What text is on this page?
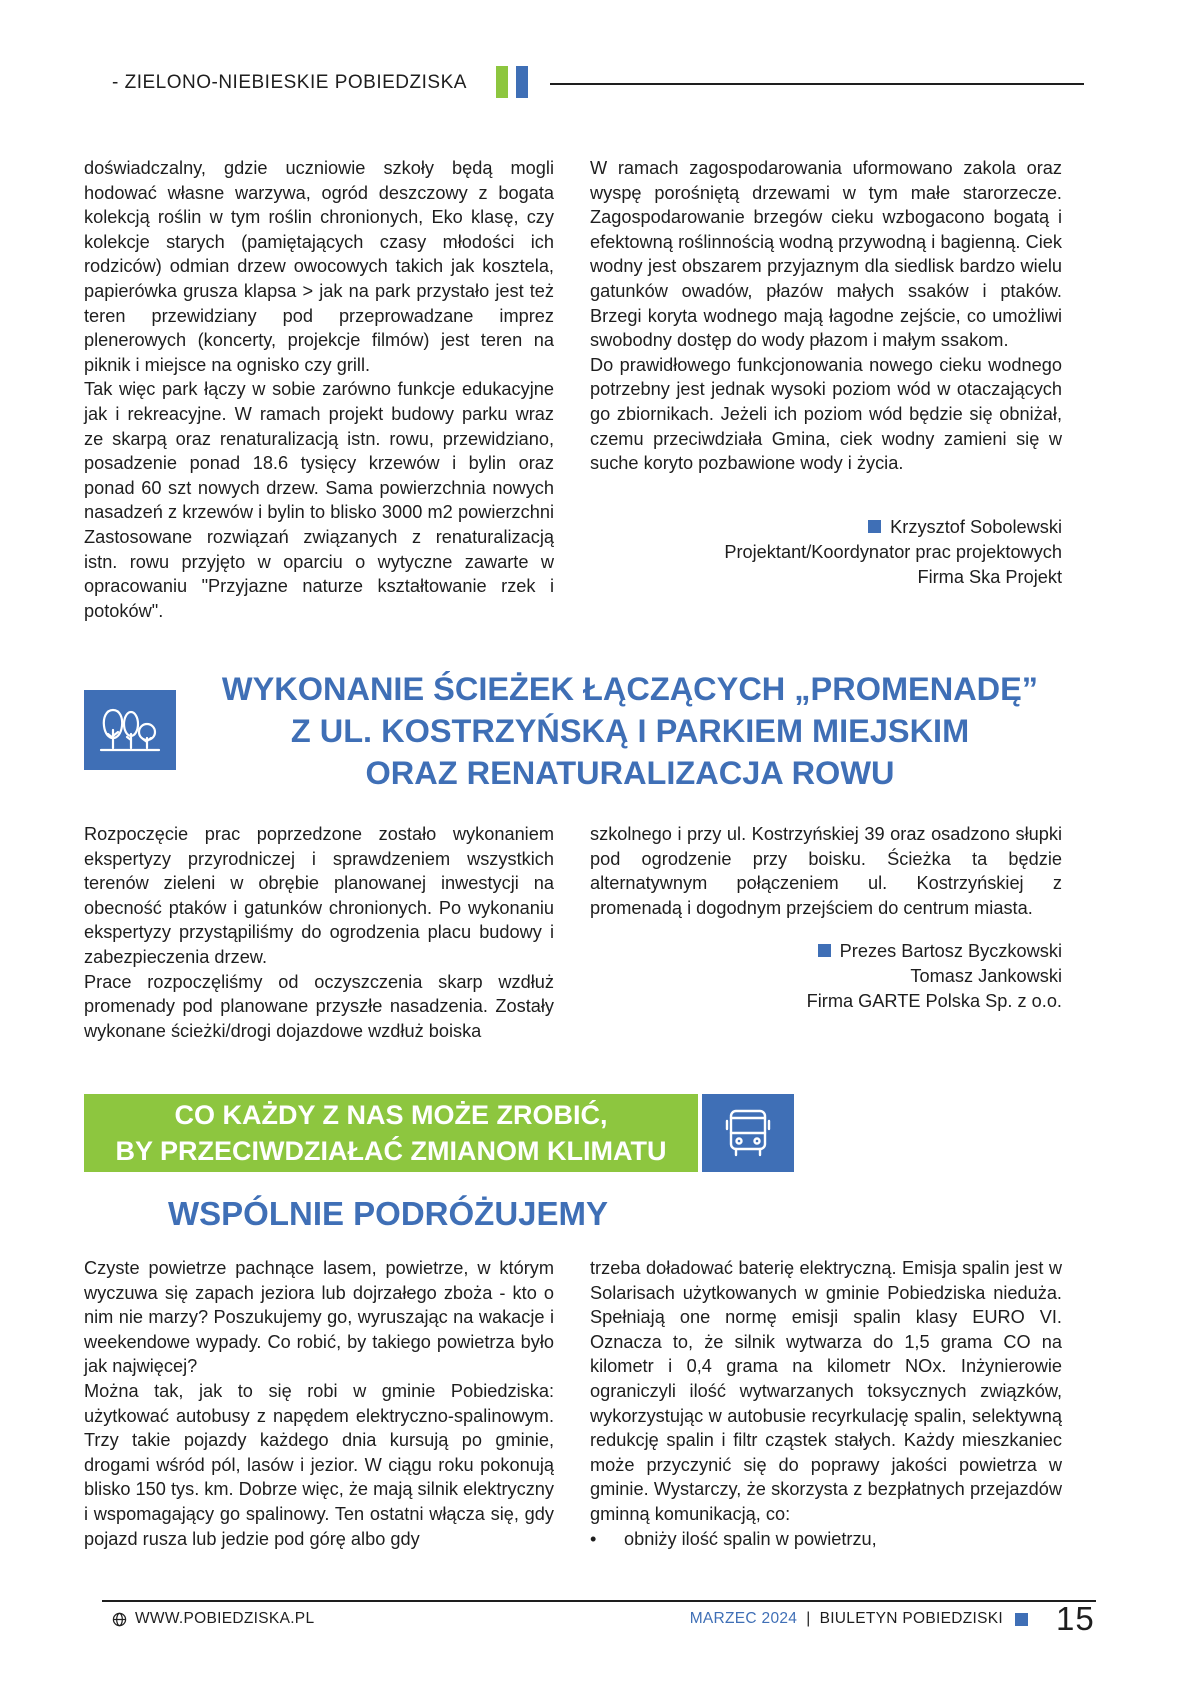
- ZIELONO-NIEBIESKIE POBIEDZISKA

doświadczalny, gdzie uczniowie szkoły będą mogli hodować własne warzywa, ogród deszczowy z bogata kolekcją roślin w tym roślin chronionych, Eko klasę, czy kolekcje starych (pamiętających czasy młodości ich rodziców) odmian drzew owocowych takich jak kosztela, papierówka grusza klapsa > jak na park przystało jest też teren przewidziany pod przeprowadzane imprez plenerowych (koncerty, projekcje filmów) jest teren na piknik i miejsce na ognisko czy grill.

Tak więc park łączy w sobie zarówno funkcje edukacyjne jak i rekreacyjne. W ramach projekt budowy parku wraz ze skarpą oraz renaturalizacją istn. rowu, przewidziano, posadzenie ponad 18.6 tysięcy krzewów i bylin oraz ponad 60 szt nowych drzew. Sama powierzchnia nowych nasadzeń z krzewów i bylin to blisko 3000 m2 powierzchni Zastosowane rozwiązań związanych z renaturalizacją istn. rowu przyjęto w oparciu o wytyczne zawarte w opracowaniu "Przyjazne naturze kształtowanie rzek i potoków".

W ramach zagospodarowania uformowano zakola oraz wyspę porośniętą drzewami w tym małe starorzecze. Zagospodarowanie brzegów cieku wzbogacono bogatą i efektowną roślinnością wodną przywodną i bagienną. Ciek wodny jest obszarem przyjaznym dla siedlisk bardzo wielu gatunków owadów, płazów małych ssaków i ptaków. Brzegi koryta wodnego mają łagodne zejście, co umożliwi swobodny dostęp do wody płazom i małym ssakom.

Do prawidłowego funkcjonowania nowego cieku wodnego potrzebny jest jednak wysoki poziom wód w otaczających go zbiornikach. Jeżeli ich poziom wód będzie się obniżał, czemu przeciwdziała Gmina, ciek wodny zamieni się w suche koryto pozbawione wody i życia.

Krzysztof Sobolewski
Projektant/Koordynator prac projektowych
Firma Ska Projekt
WYKONANIE ŚCIEŻEK ŁĄCZĄCYCH „PROMENADĘ”
Z UL. KOSTRZYŃSKĄ I PARKIEM MIEJSKIM
ORAZ RENATURALIZACJA ROWU

Rozpoczęcie prac poprzedzone zostało wykonaniem ekspertyzy przyrodniczej i sprawdzeniem wszystkich terenów zieleni w obrębie planowanej inwestycji na obecność ptaków i gatunków chronionych. Po wykonaniu ekspertyzy przystąpiliśmy do ogrodzenia placu budowy i zabezpieczenia drzew.

Prace rozpoczęliśmy od oczyszczenia skarp wzdłuż promenady pod planowane przyszłe nasadzenia. Zostały wykonane ścieżki/drogi dojazdowe wzdłuż boiska

szkolnego i przy ul. Kostrzyńskiej 39 oraz osadzono słupki pod ogrodzenie przy boisku. Ścieżka ta będzie alternatywnym połączeniem ul. Kostrzyńskiej z promenadą i dogodnym przejściem do centrum miasta.

Prezes Bartosz Byczkowski
Tomasz Jankowski
Firma GARTE Polska Sp. z o.o.
CO KAŻDY Z NAS MOŻE ZROBIĆ,
BY PRZECIWDZIAŁAĆ ZMIANOM KLIMATU
WSPÓLNIE PODRÓŻUJEMY

Czyste powietrze pachnące lasem, powietrze, w którym wyczuwa się zapach jeziora lub dojrzałego zboża - kto o nim nie marzy? Poszukujemy go, wyruszając na wakacje i weekendowe wypady. Co robić, by takiego powietrza było jak najwięcej?

Można tak, jak to się robi w gminie Pobiedziska: użytkować autobusy z napędem elektryczno-spalinowym. Trzy takie pojazdy każdego dnia kursują po gminie, drogami wśród pól, lasów i jezior. W ciągu roku pokonują blisko 150 tys. km. Dobrze więc, że mają silnik elektryczny i wspomagający go spalinowy. Ten ostatni włącza się, gdy pojazd rusza lub jedzie pod górę albo gdy

trzeba doładować baterię elektryczną. Emisja spalin jest w Solarisach użytkowanych w gminie Pobiedziska nieduża. Spełniają one normę emisji spalin klasy EURO VI. Oznacza to, że silnik wytwarza do 1,5 grama CO na kilometr i 0,4 grama na kilometr NOx. Inżynierowie ograniczyli ilość wytwarzanych toksycznych związków, wykorzystując w autobusie recyrkulację spalin, selektywną redukcję spalin i filtr cząstek stałych. Każdy mieszkaniec może przyczynić się do poprawy jakości powietrza w gminie. Wystarczy, że skorzysta z bezpłatnych przejazdów gminną komunikacją, co:

•	obniży ilość spalin w powietrzu,
WWW.POBIEDZISKA.PL	MARZEC 2024 | BIULETYN POBIEDZISKI 15
